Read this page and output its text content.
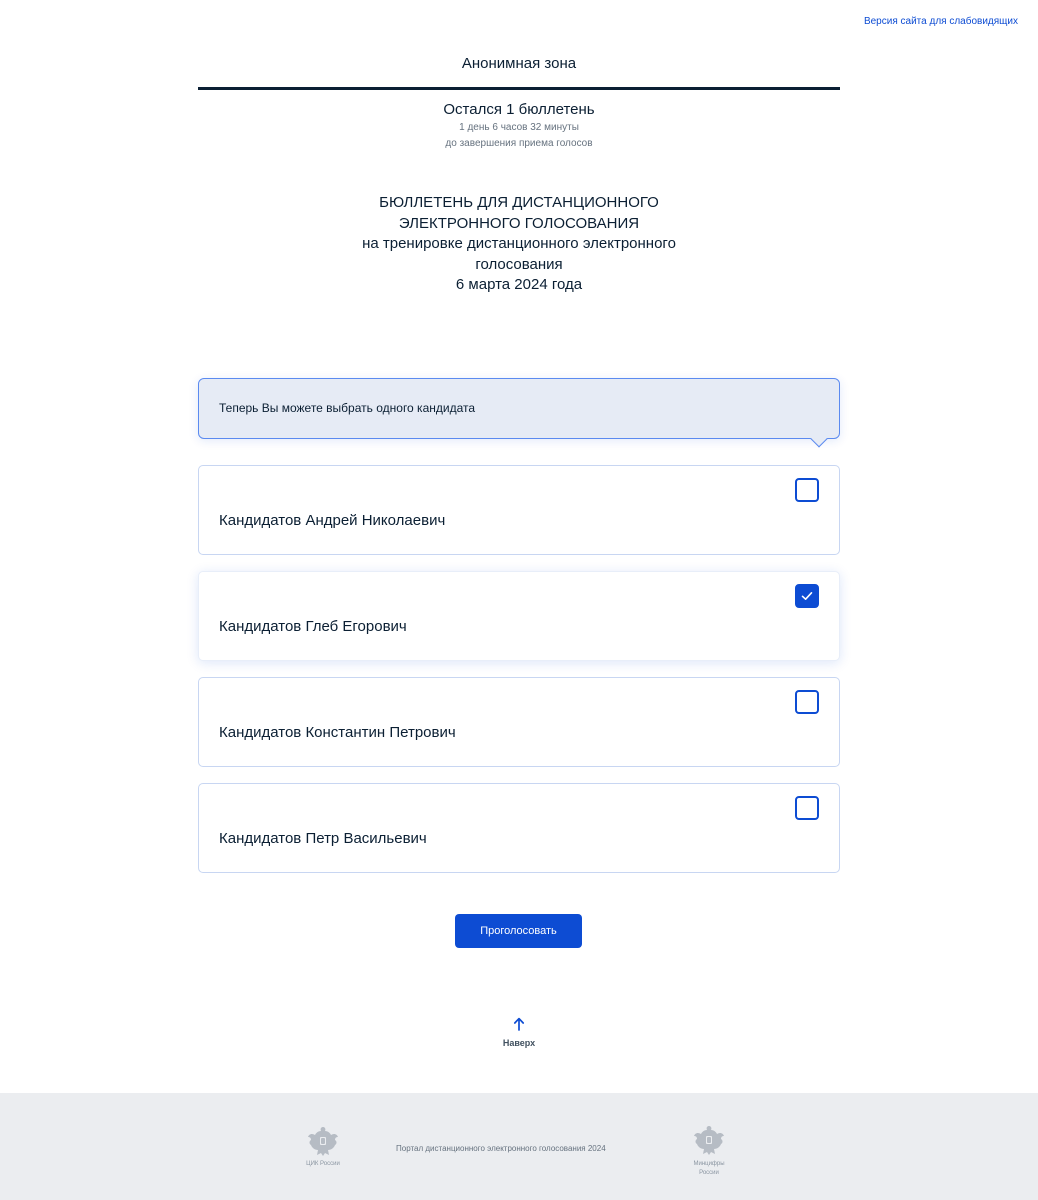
Версия сайта для слабовидящих
Анонимная зона
Остался 1 бюллетень
1 день 6 часов 32 минуты
до завершения приема голосов
БЮЛЛЕТЕНЬ ДЛЯ ДИСТАНЦИОННОГО
ЭЛЕКТРОННОГО ГОЛОСОВАНИЯ
на тренировке дистанционного электронного
голосования
6 марта 2024 года
Теперь Вы можете выбрать одного кандидата
Кандидатов Андрей Николаевич
Кандидатов Глеб Егорович
Кандидатов Константин Петрович
Кандидатов Петр Васильевич
Проголосовать
Наверх
ЦИК России
Портал дистанционного электронного голосования 2024
Минцифры
России
